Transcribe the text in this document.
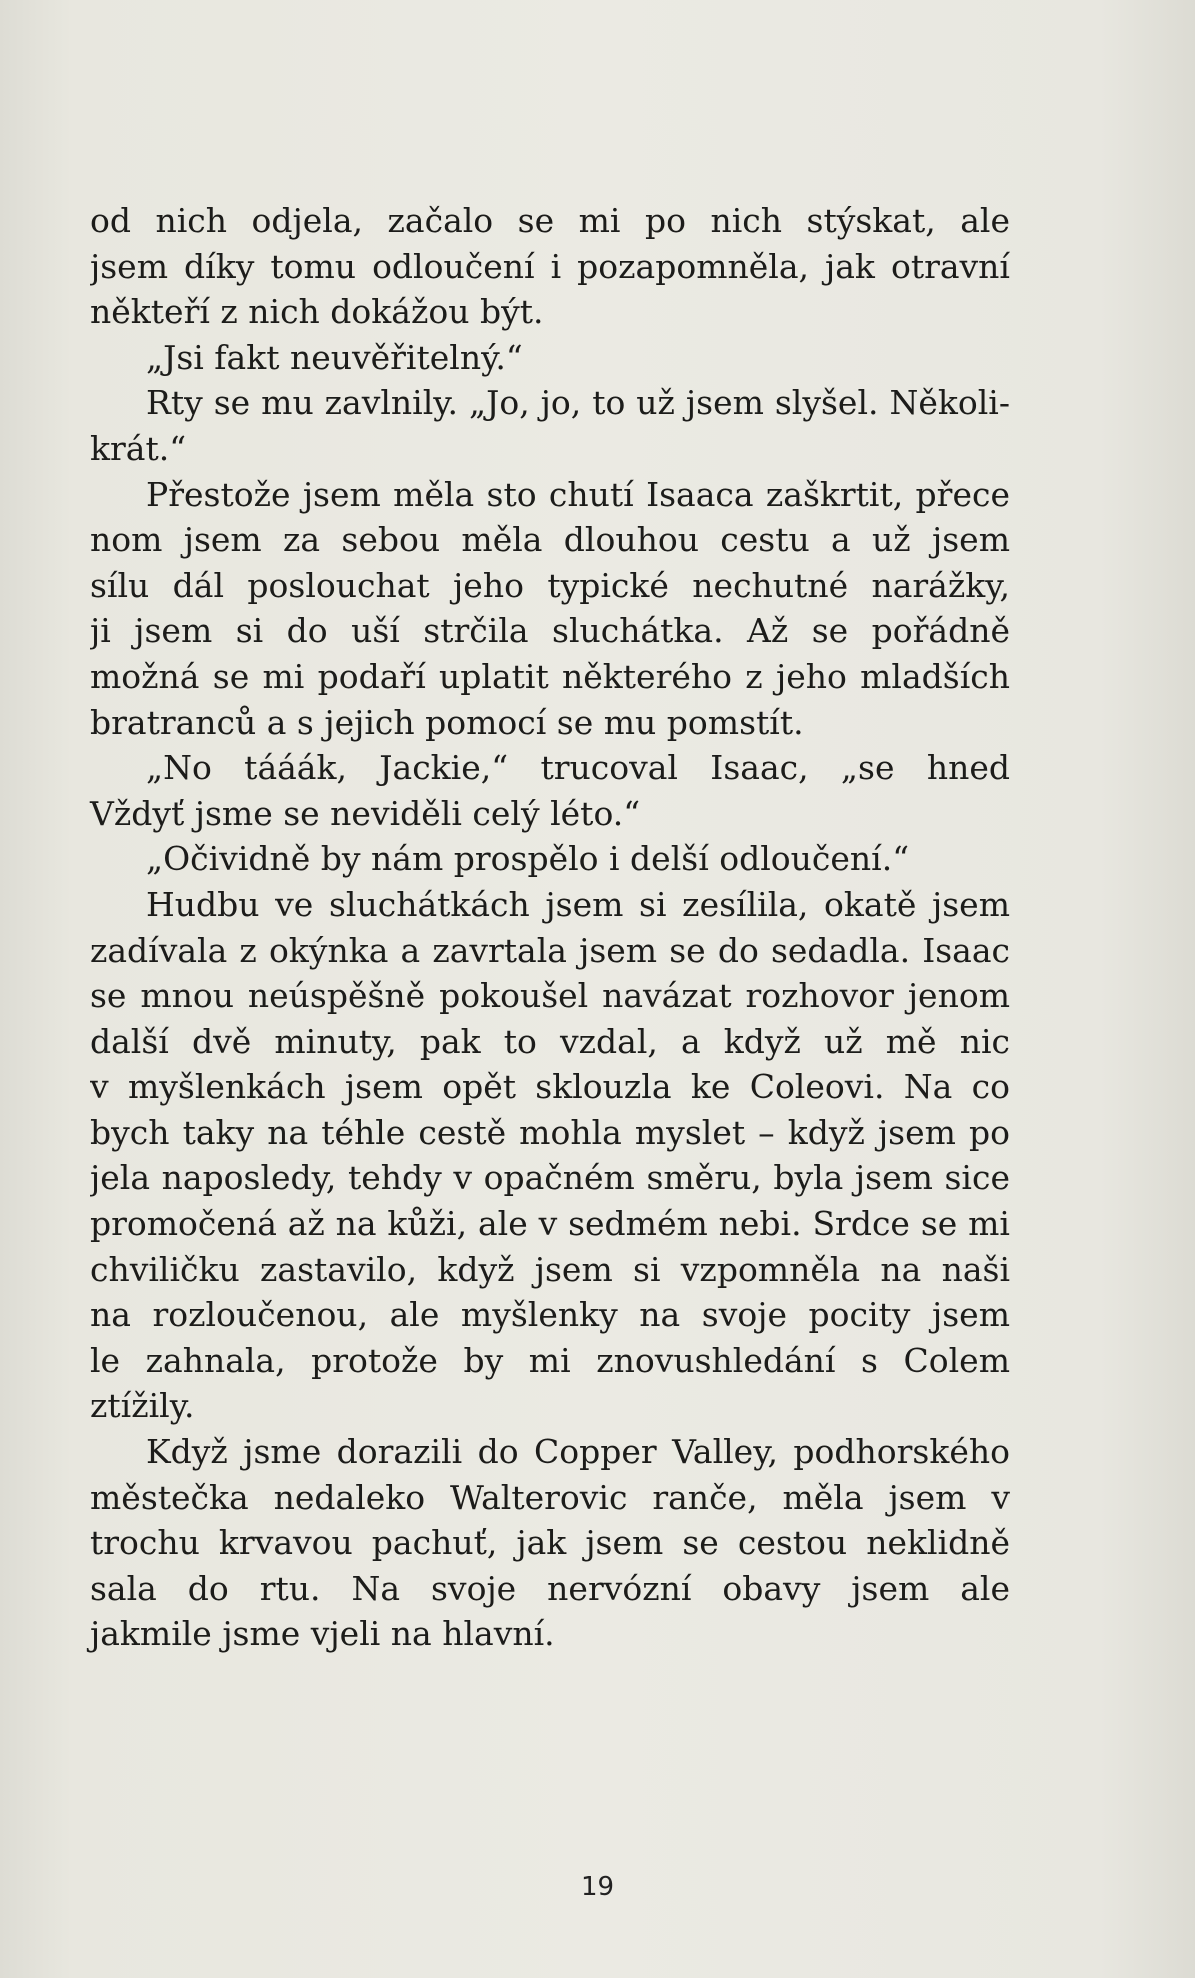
od nich odjela, začalo se mi po nich stýskat, ale
jsem díky tomu odloučení i pozapomněla, jak otravní
někteří z nich dokážou být.
„Jsi fakt neuvěřitelný.“
Rty se mu zavlnily. „Jo, jo, to už jsem slyšel. Několi-
krát.“
Přestože jsem měla sto chutí Isaaca zaškrtit, přece
nom jsem za sebou měla dlouhou cestu a už jsem
sílu dál poslouchat jeho typické nechutné narážky,
ji jsem si do uší strčila sluchátka. Až se pořádně
možná se mi podaří uplatit některého z jeho mladších
bratranců a s jejich pomocí se mu pomstít.
„No tááák, Jackie,“ trucoval Isaac, „se hned
Vždyť jsme se neviděli celý léto.“
„Očividně by nám prospělo i delší odloučení.“
Hudbu ve sluchátkách jsem si zesílila, okatě jsem
zadívala z okýnka a zavrtala jsem se do sedadla. Isaac
se mnou neúspěšně pokoušel navázat rozhovor jenom
další dvě minuty, pak to vzdal, a když už mě nic
v myšlenkách jsem opět sklouzla ke Coleovi. Na co
bych taky na téhle cestě mohla myslet – když jsem po
jela naposledy, tehdy v opačném směru, byla jsem sice
promočená až na kůži, ale v sedmém nebi. Srdce se mi
chviličku zastavilo, když jsem si vzpomněla na naši
na rozloučenou, ale myšlenky na svoje pocity jsem
le zahnala, protože by mi znovushledání s Colem
ztížily.
Když jsme dorazili do Copper Valley, podhorského
městečka nedaleko Walterovic ranče, měla jsem v
trochu krvavou pachuť, jak jsem se cestou neklidně
sala do rtu. Na svoje nervózní obavy jsem ale
jakmile jsme vjeli na hlavní.
19
